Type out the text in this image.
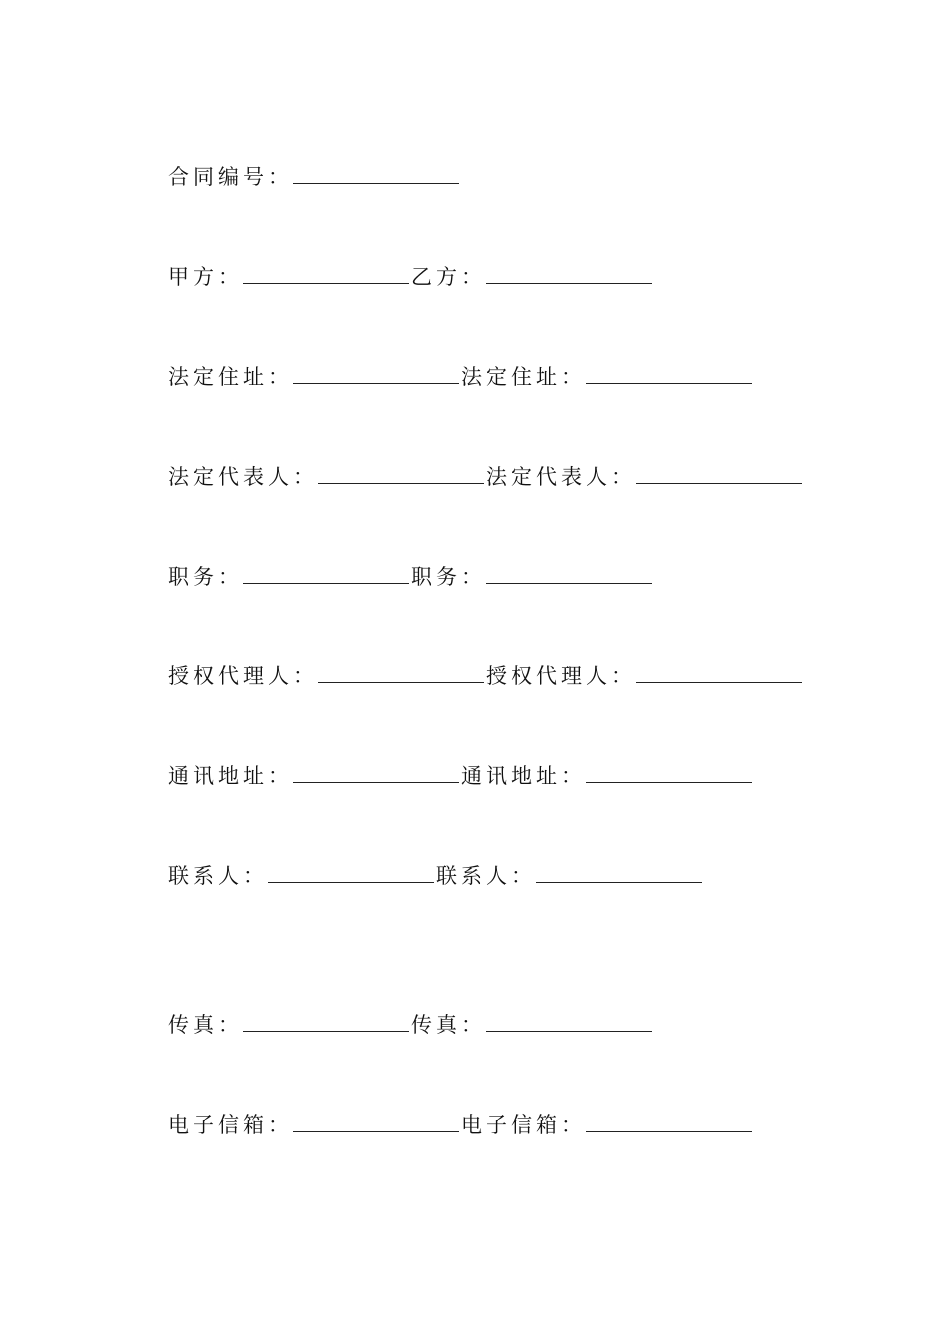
合同编号：
甲方：	乙方：
法定住址：	法定住址：
法定代表人：	法定代表人：
职务：	职务：
授权代理人：	授权代理人：
通讯地址：	通讯地址：
联系人：	联系人：
传真：	传真：
电子信箱：	电子信箱：
